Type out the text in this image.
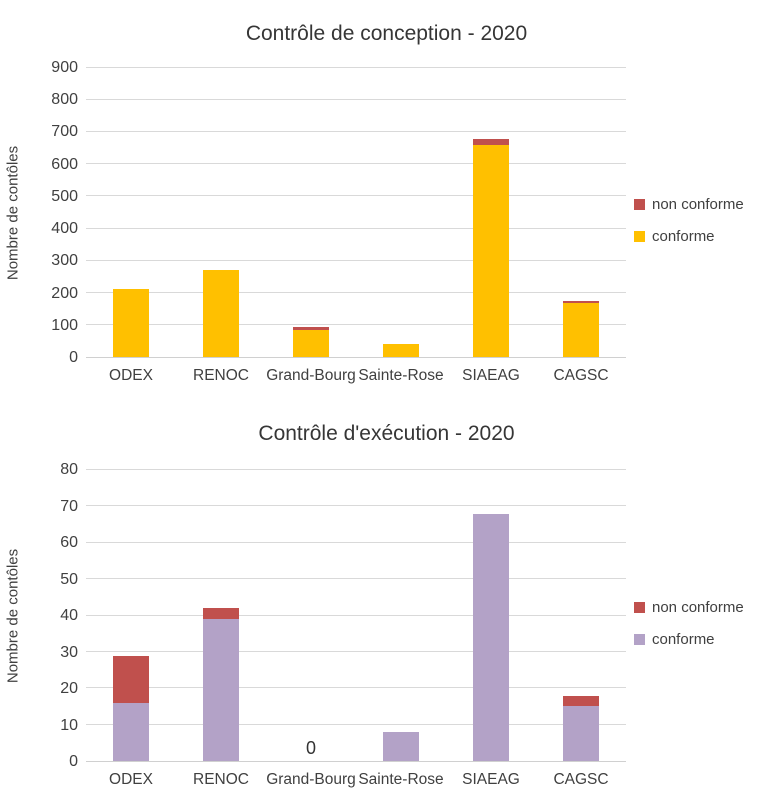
Contrôle de conception - 2020
Nombre de contôles
0
100
200
300
400
500
600
700
800
900
non conforme
conforme
ODEX	RENOC	Grand-Bourg Sainte-Rose	SIAEAG	CAGSC
Contrôle d'exécution - 2020
Nombre de contôles
0
10
20
30
40
50
60
70
80
0
non conforme
conforme
ODEX	RENOC	Grand-Bourg Sainte-Rose	SIAEAG	CAGSC
